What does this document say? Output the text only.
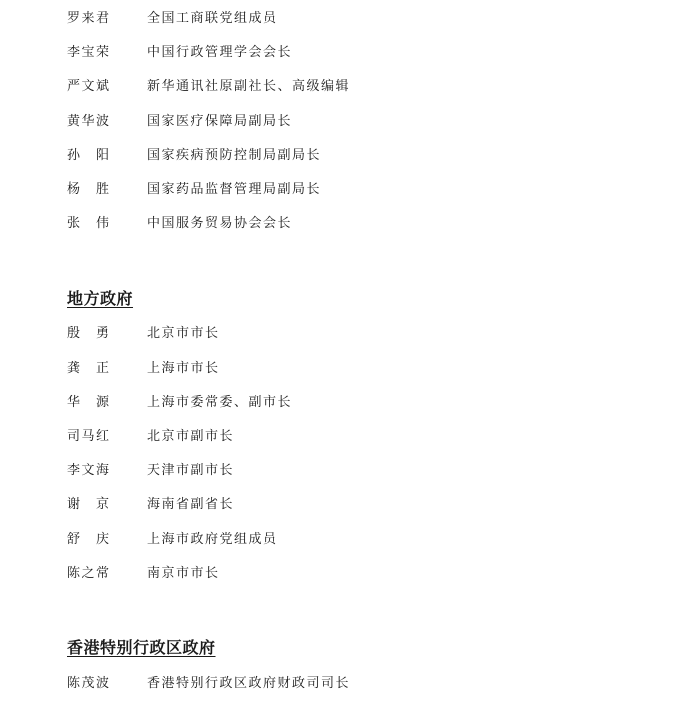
罗来君	全国工商联党组成员
李宝荣	中国行政管理学会会长
严文斌	新华通讯社原副社长、高级编辑
黄华波	国家医疗保障局副局长
孙　阳	国家疾病预防控制局副局长
杨　胜	国家药品监督管理局副局长
张　伟	中国服务贸易协会会长
地方政府
殷　勇	北京市市长
龚　正	上海市市长
华　源	上海市委常委、副市长
司马红	北京市副市长
李文海	天津市副市长
谢　京	海南省副省长
舒　庆	上海市政府党组成员
陈之常	南京市市长
香港特别行政区政府
陈茂波	香港特别行政区政府财政司司长
